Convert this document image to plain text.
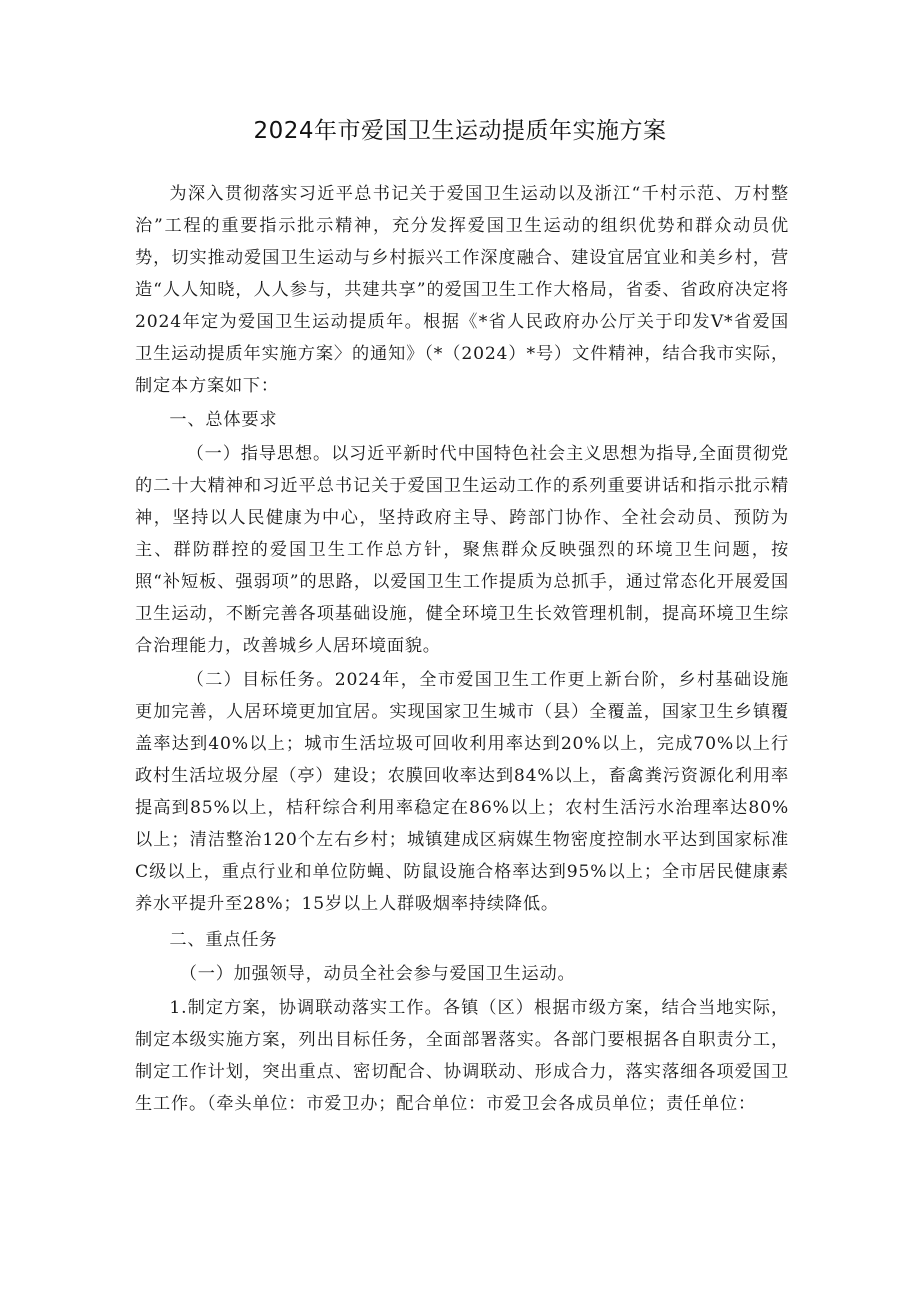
2024年市爱国卫生运动提质年实施方案

为深入贯彻落实习近平总书记关于爱国卫生运动以及浙江“千村示范、万村整治”工程的重要指示批示精神，充分发挥爱国卫生运动的组织优势和群众动员优势，切实推动爱国卫生运动与乡村振兴工作深度融合、建设宜居宜业和美乡村，营造“人人知晓，人人参与，共建共享”的爱国卫生工作大格局，省委、省政府决定将2024年定为爱国卫生运动提质年。根据《*省人民政府办公厅关于印发V*省爱国卫生运动提质年实施方案〉的通知》（*（2024）*号）文件精神，结合我市实际，制定本方案如下：

一、总体要求

（一）指导思想。以习近平新时代中国特色社会主义思想为指导,全面贯彻党的二十大精神和习近平总书记关于爱国卫生运动工作的系列重要讲话和指示批示精神，坚持以人民健康为中心，坚持政府主导、跨部门协作、全社会动员、预防为主、群防群控的爱国卫生工作总方针，聚焦群众反映强烈的环境卫生问题，按照“补短板、强弱项”的思路，以爱国卫生工作提质为总抓手，通过常态化开展爱国卫生运动，不断完善各项基础设施，健全环境卫生长效管理机制，提高环境卫生综合治理能力，改善城乡人居环境面貌。

（二）目标任务。2024年，全市爱国卫生工作更上新台阶，乡村基础设施更加完善，人居环境更加宜居。实现国家卫生城市（县）全覆盖，国家卫生乡镇覆盖率达到40%以上；城市生活垃圾可回收利用率达到20%以上，完成70%以上行政村生活垃圾分屋（亭）建设；农膜回收率达到84%以上，畜禽粪污资源化利用率提高到85%以上，桔秆综合利用率稳定在86%以上；农村生活污水治理率达80%以上；清洁整治120个左右乡村；城镇建成区病媒生物密度控制水平达到国家标准C级以上，重点行业和单位防蝇、防鼠设施合格率达到95%以上；全市居民健康素养水平提升至28%；15岁以上人群吸烟率持续降低。

二、重点任务

（一）加强领导，动员全社会参与爱国卫生运动。

1.制定方案，协调联动落实工作。各镇（区）根据市级方案，结合当地实际，制定本级实施方案，列出目标任务，全面部署落实。各部门要根据各自职责分工，制定工作计划，突出重点、密切配合、协调联动、形成合力，落实落细各项爱国卫生工作。（牵头单位：市爱卫办；配合单位：市爱卫会各成员单位；责任单位：
